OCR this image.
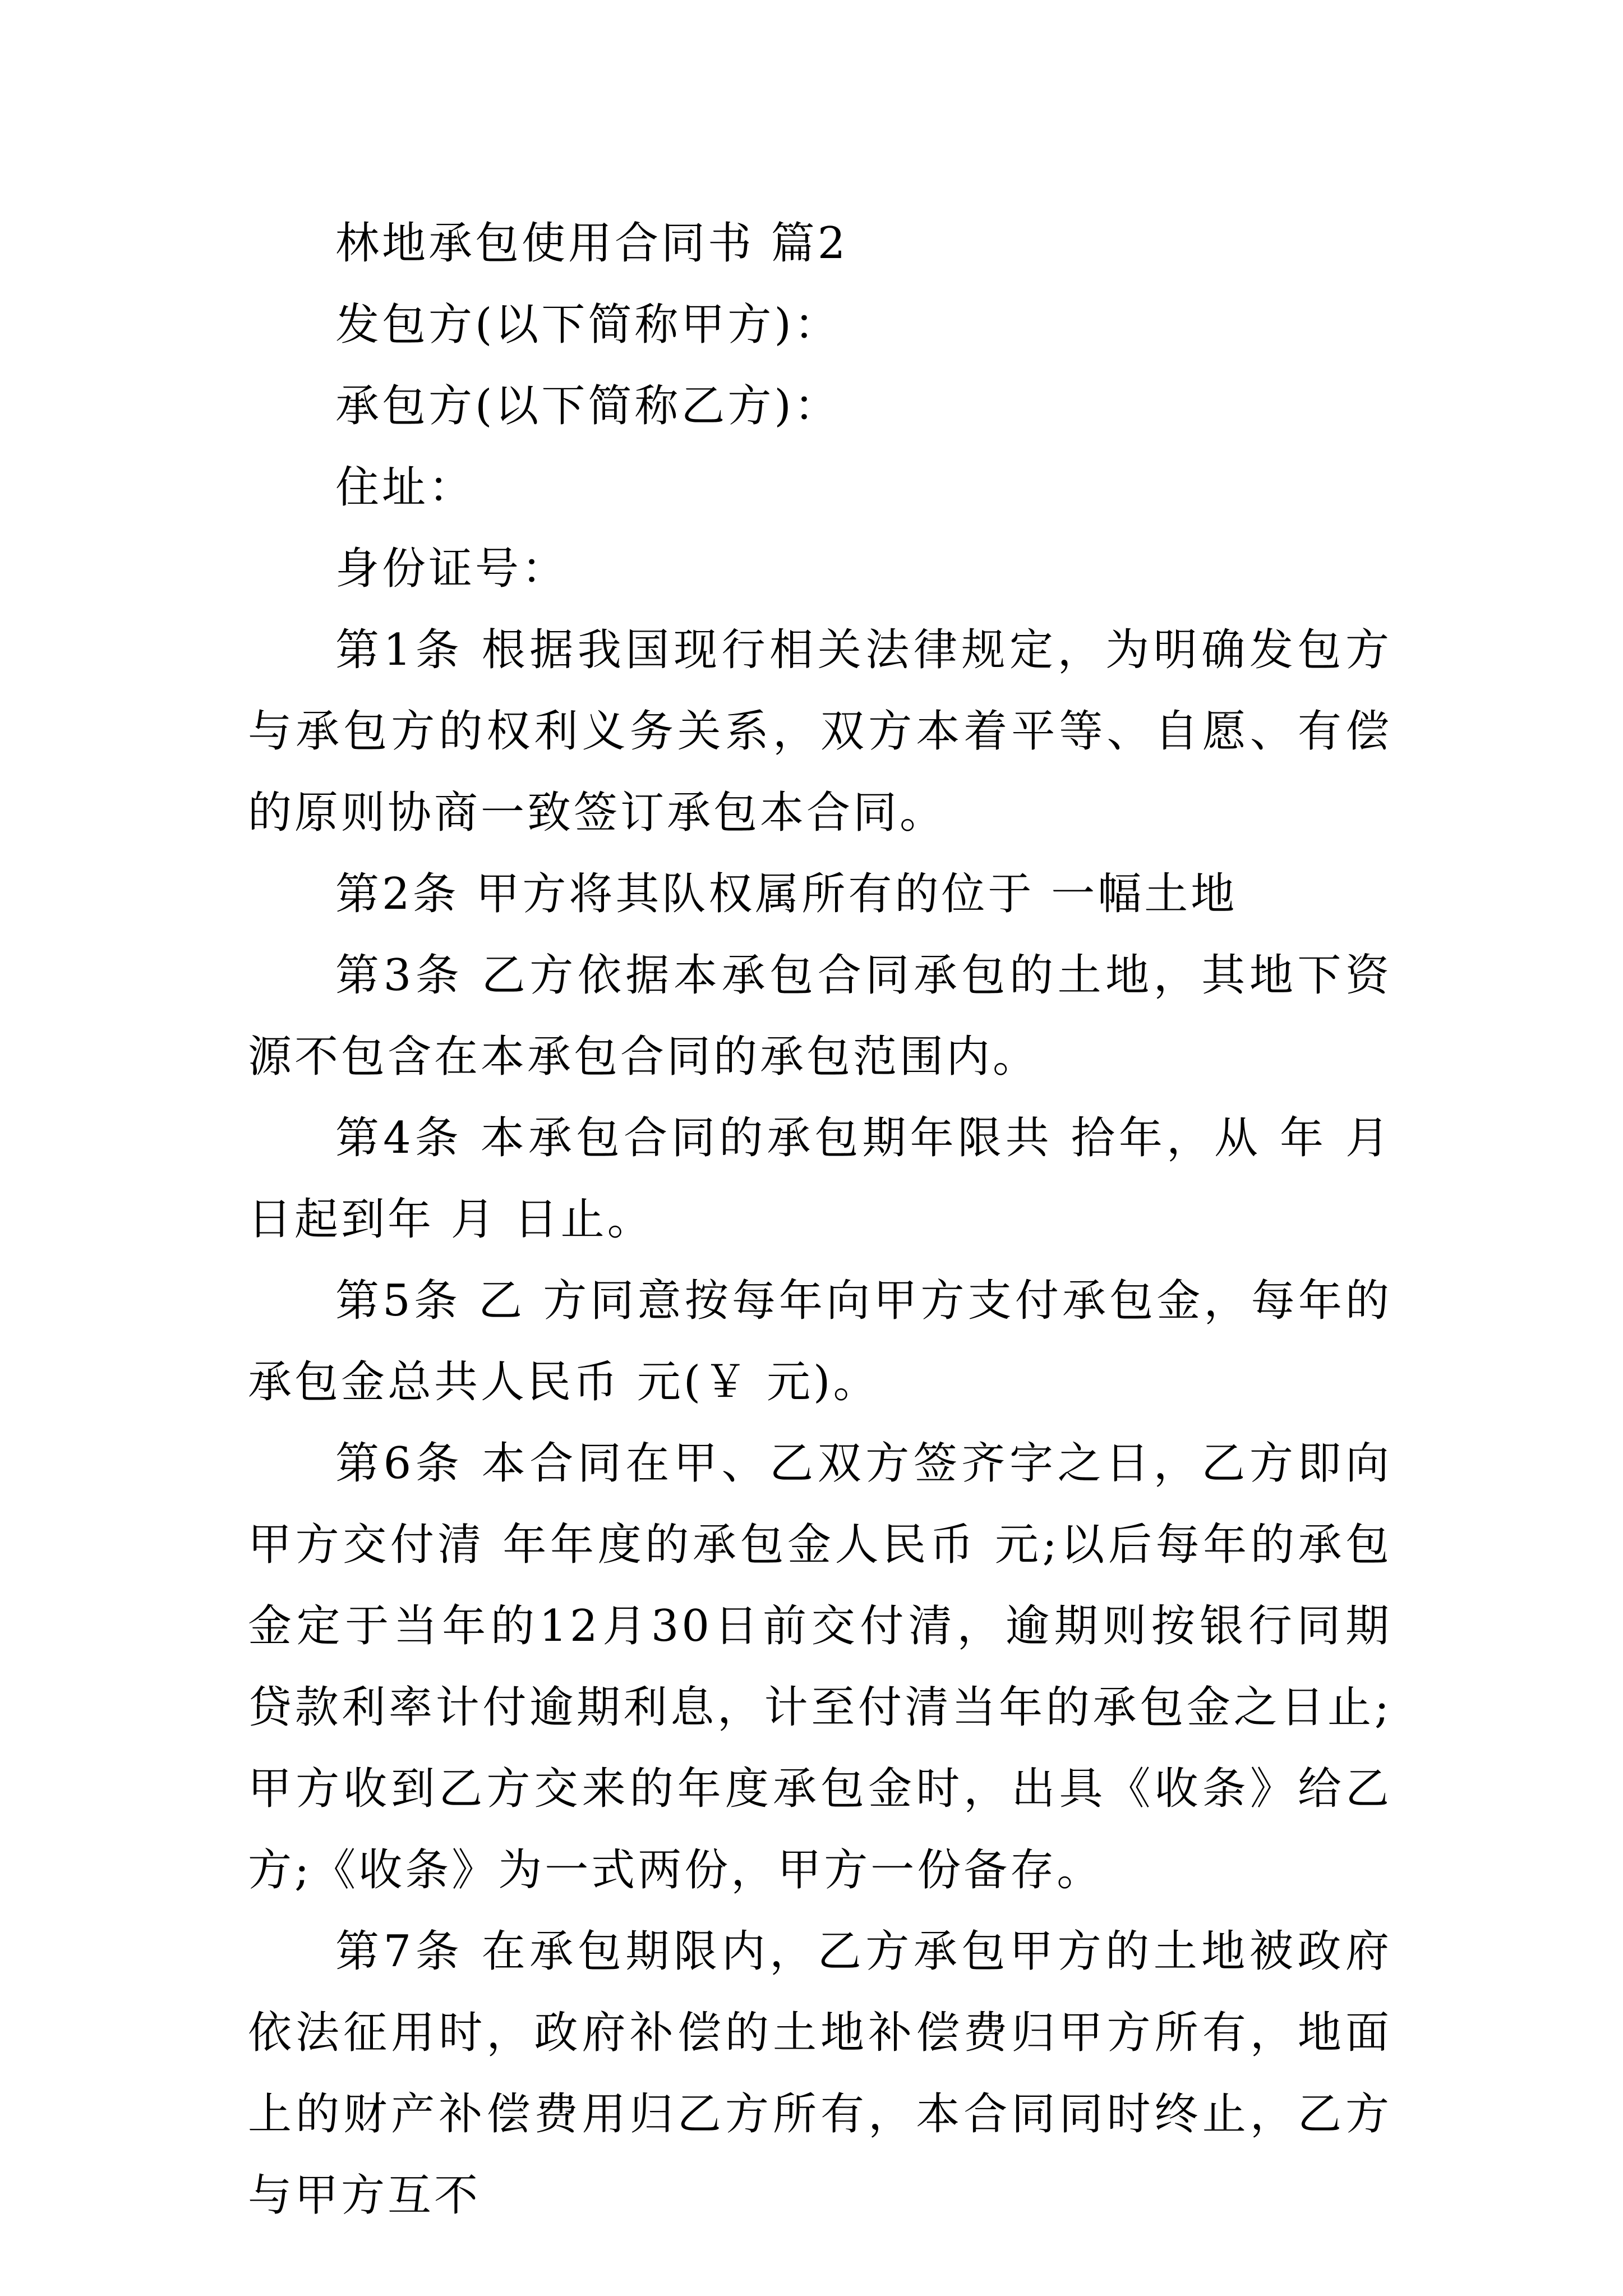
林地承包使用合同书 篇2

发包方(以下简称甲方)：

承包方(以下简称乙方)：

住址：

身份证号：

第1条 根据我国现行相关法律规定，为明确发包方与承包方的权利义务关系，双方本着平等、自愿、有偿的原则协商一致签订承包本合同。

第2条 甲方将其队权属所有的位于 一幅土地

第3条 乙方依据本承包合同承包的土地，其地下资源不包含在本承包合同的承包范围内。

第4条 本承包合同的承包期年限共 拾年，从 年 月 日起到年 月 日止。

第5条 乙 方同意按每年向甲方支付承包金，每年的承包金总共人民币 元(￥ 元)。

第6条 本合同在甲、乙双方签齐字之日，乙方即向甲方交付清 年年度的承包金人民币 元;以后每年的承包金定于当年的12月30日前交付清，逾期则按银行同期贷款利率计付逾期利息，计至付清当年的承包金之日止;甲方收到乙方交来的年度承包金时，出具《收条》给乙方;《收条》为一式两份，甲方一份备存。

第7条 在承包期限内，乙方承包甲方的土地被政府依法征用时，政府补偿的土地补偿费归甲方所有，地面上的财产补偿费用归乙方所有，本合同同时终止，乙方与甲方互不
